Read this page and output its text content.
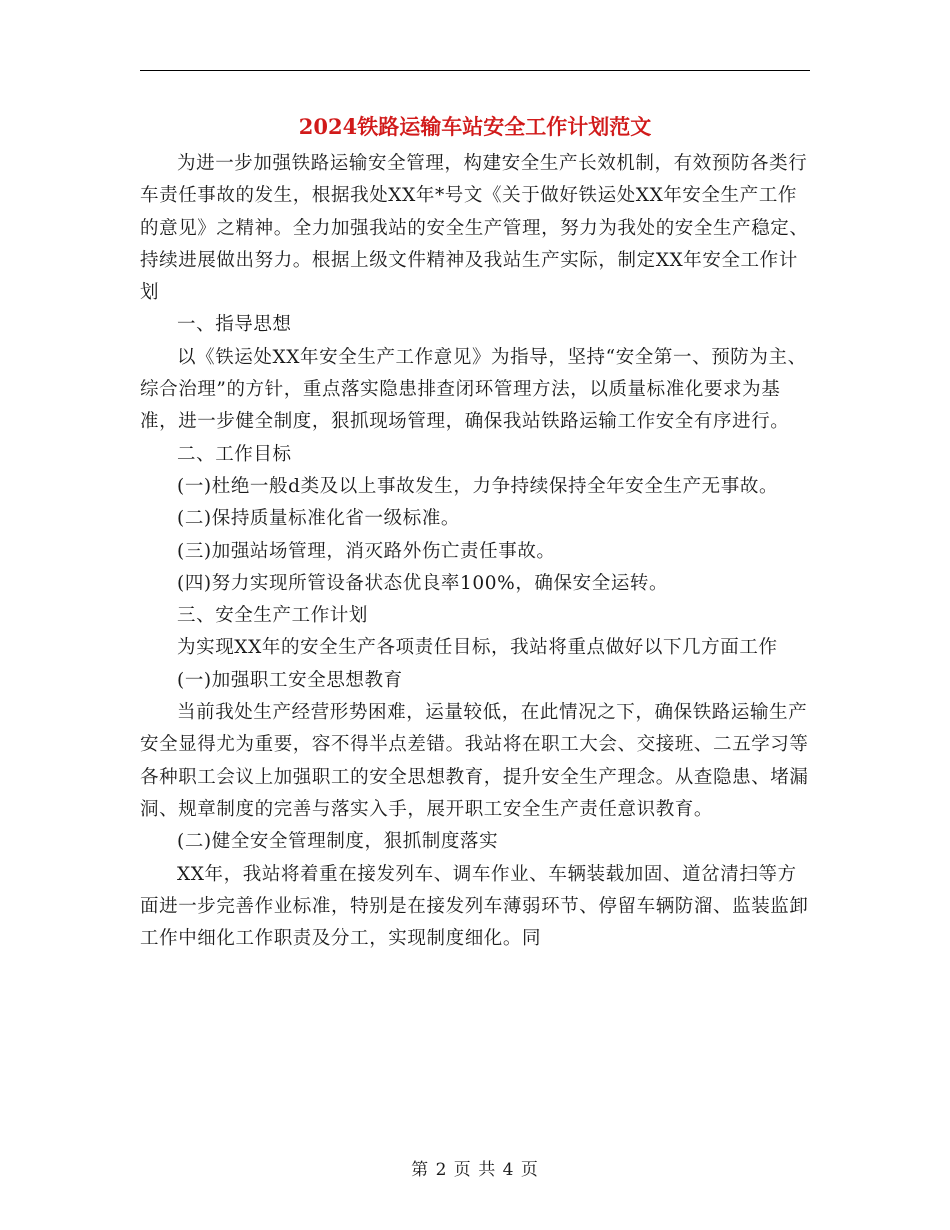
2024铁路运输车站安全工作计划范文

为进一步加强铁路运输安全管理，构建安全生产长效机制，有效预防各类行车责任事故的发生，根据我处XX年*号文《关于做好铁运处XX年安全生产工作的意见》之精神。全力加强我站的安全生产管理，努力为我处的安全生产稳定、持续进展做出努力。根据上级文件精神及我站生产实际，制定XX年安全工作计划

一、指导思想

以《铁运处XX年安全生产工作意见》为指导，坚持“安全第一、预防为主、综合治理”的方针，重点落实隐患排查闭环管理方法，以质量标准化要求为基准，进一步健全制度，狠抓现场管理，确保我站铁路运输工作安全有序进行。

二、工作目标

(一)杜绝一般d类及以上事故发生，力争持续保持全年安全生产无事故。

(二)保持质量标准化省一级标准。

(三)加强站场管理，消灭路外伤亡责任事故。

(四)努力实现所管设备状态优良率100%，确保安全运转。

三、安全生产工作计划

为实现XX年的安全生产各项责任目标，我站将重点做好以下几方面工作

(一)加强职工安全思想教育

当前我处生产经营形势困难，运量较低，在此情况之下，确保铁路运输生产安全显得尤为重要，容不得半点差错。我站将在职工大会、交接班、二五学习等各种职工会议上加强职工的安全思想教育，提升安全生产理念。从查隐患、堵漏洞、规章制度的完善与落实入手，展开职工安全生产责任意识教育。

(二)健全安全管理制度，狠抓制度落实

XX年，我站将着重在接发列车、调车作业、车辆装载加固、道岔清扫等方面进一步完善作业标准，特别是在接发列车薄弱环节、停留车辆防溜、监装监卸工作中细化工作职责及分工，实现制度细化。同

第 2 页 共 4 页
